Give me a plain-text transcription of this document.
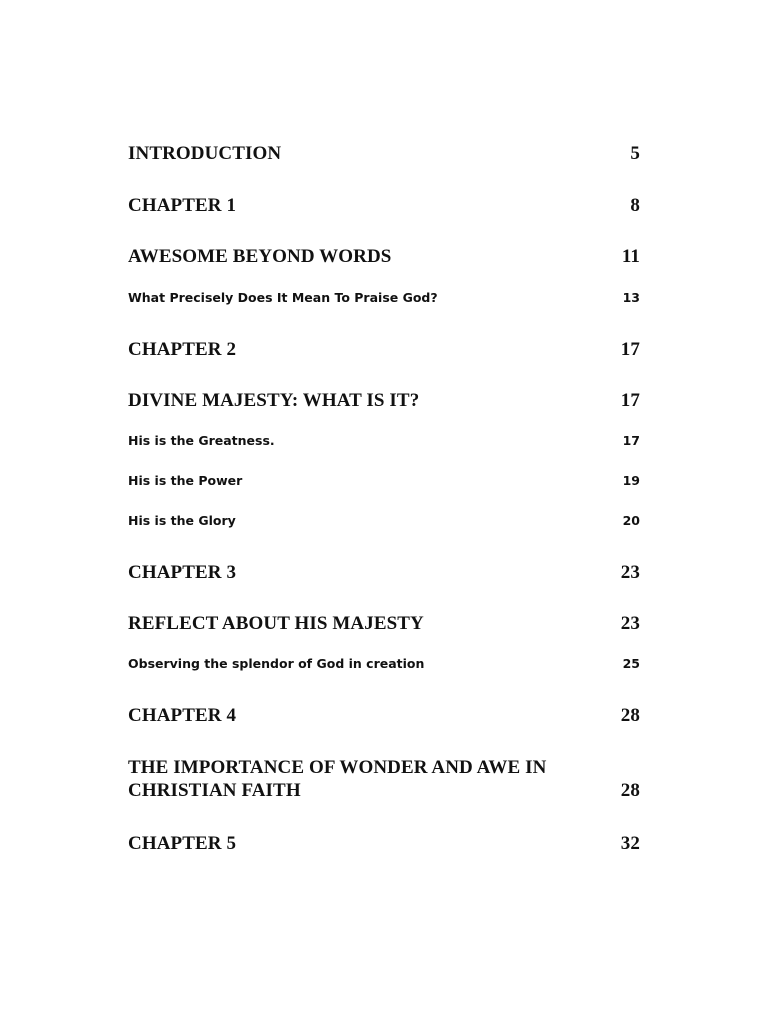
INTRODUCTION	5
CHAPTER 1	8
AWESOME BEYOND WORDS	11
What Precisely Does It Mean To Praise God?	13
CHAPTER 2	17
DIVINE MAJESTY: WHAT IS IT?	17
His is the Greatness.	17
His is the Power	19
His is the Glory	20
CHAPTER 3	23
REFLECT ABOUT HIS MAJESTY	23
Observing the splendor of God in creation	25
CHAPTER 4	28
THE IMPORTANCE OF WONDER AND AWE IN CHRISTIAN FAITH	28
CHAPTER 5	32
